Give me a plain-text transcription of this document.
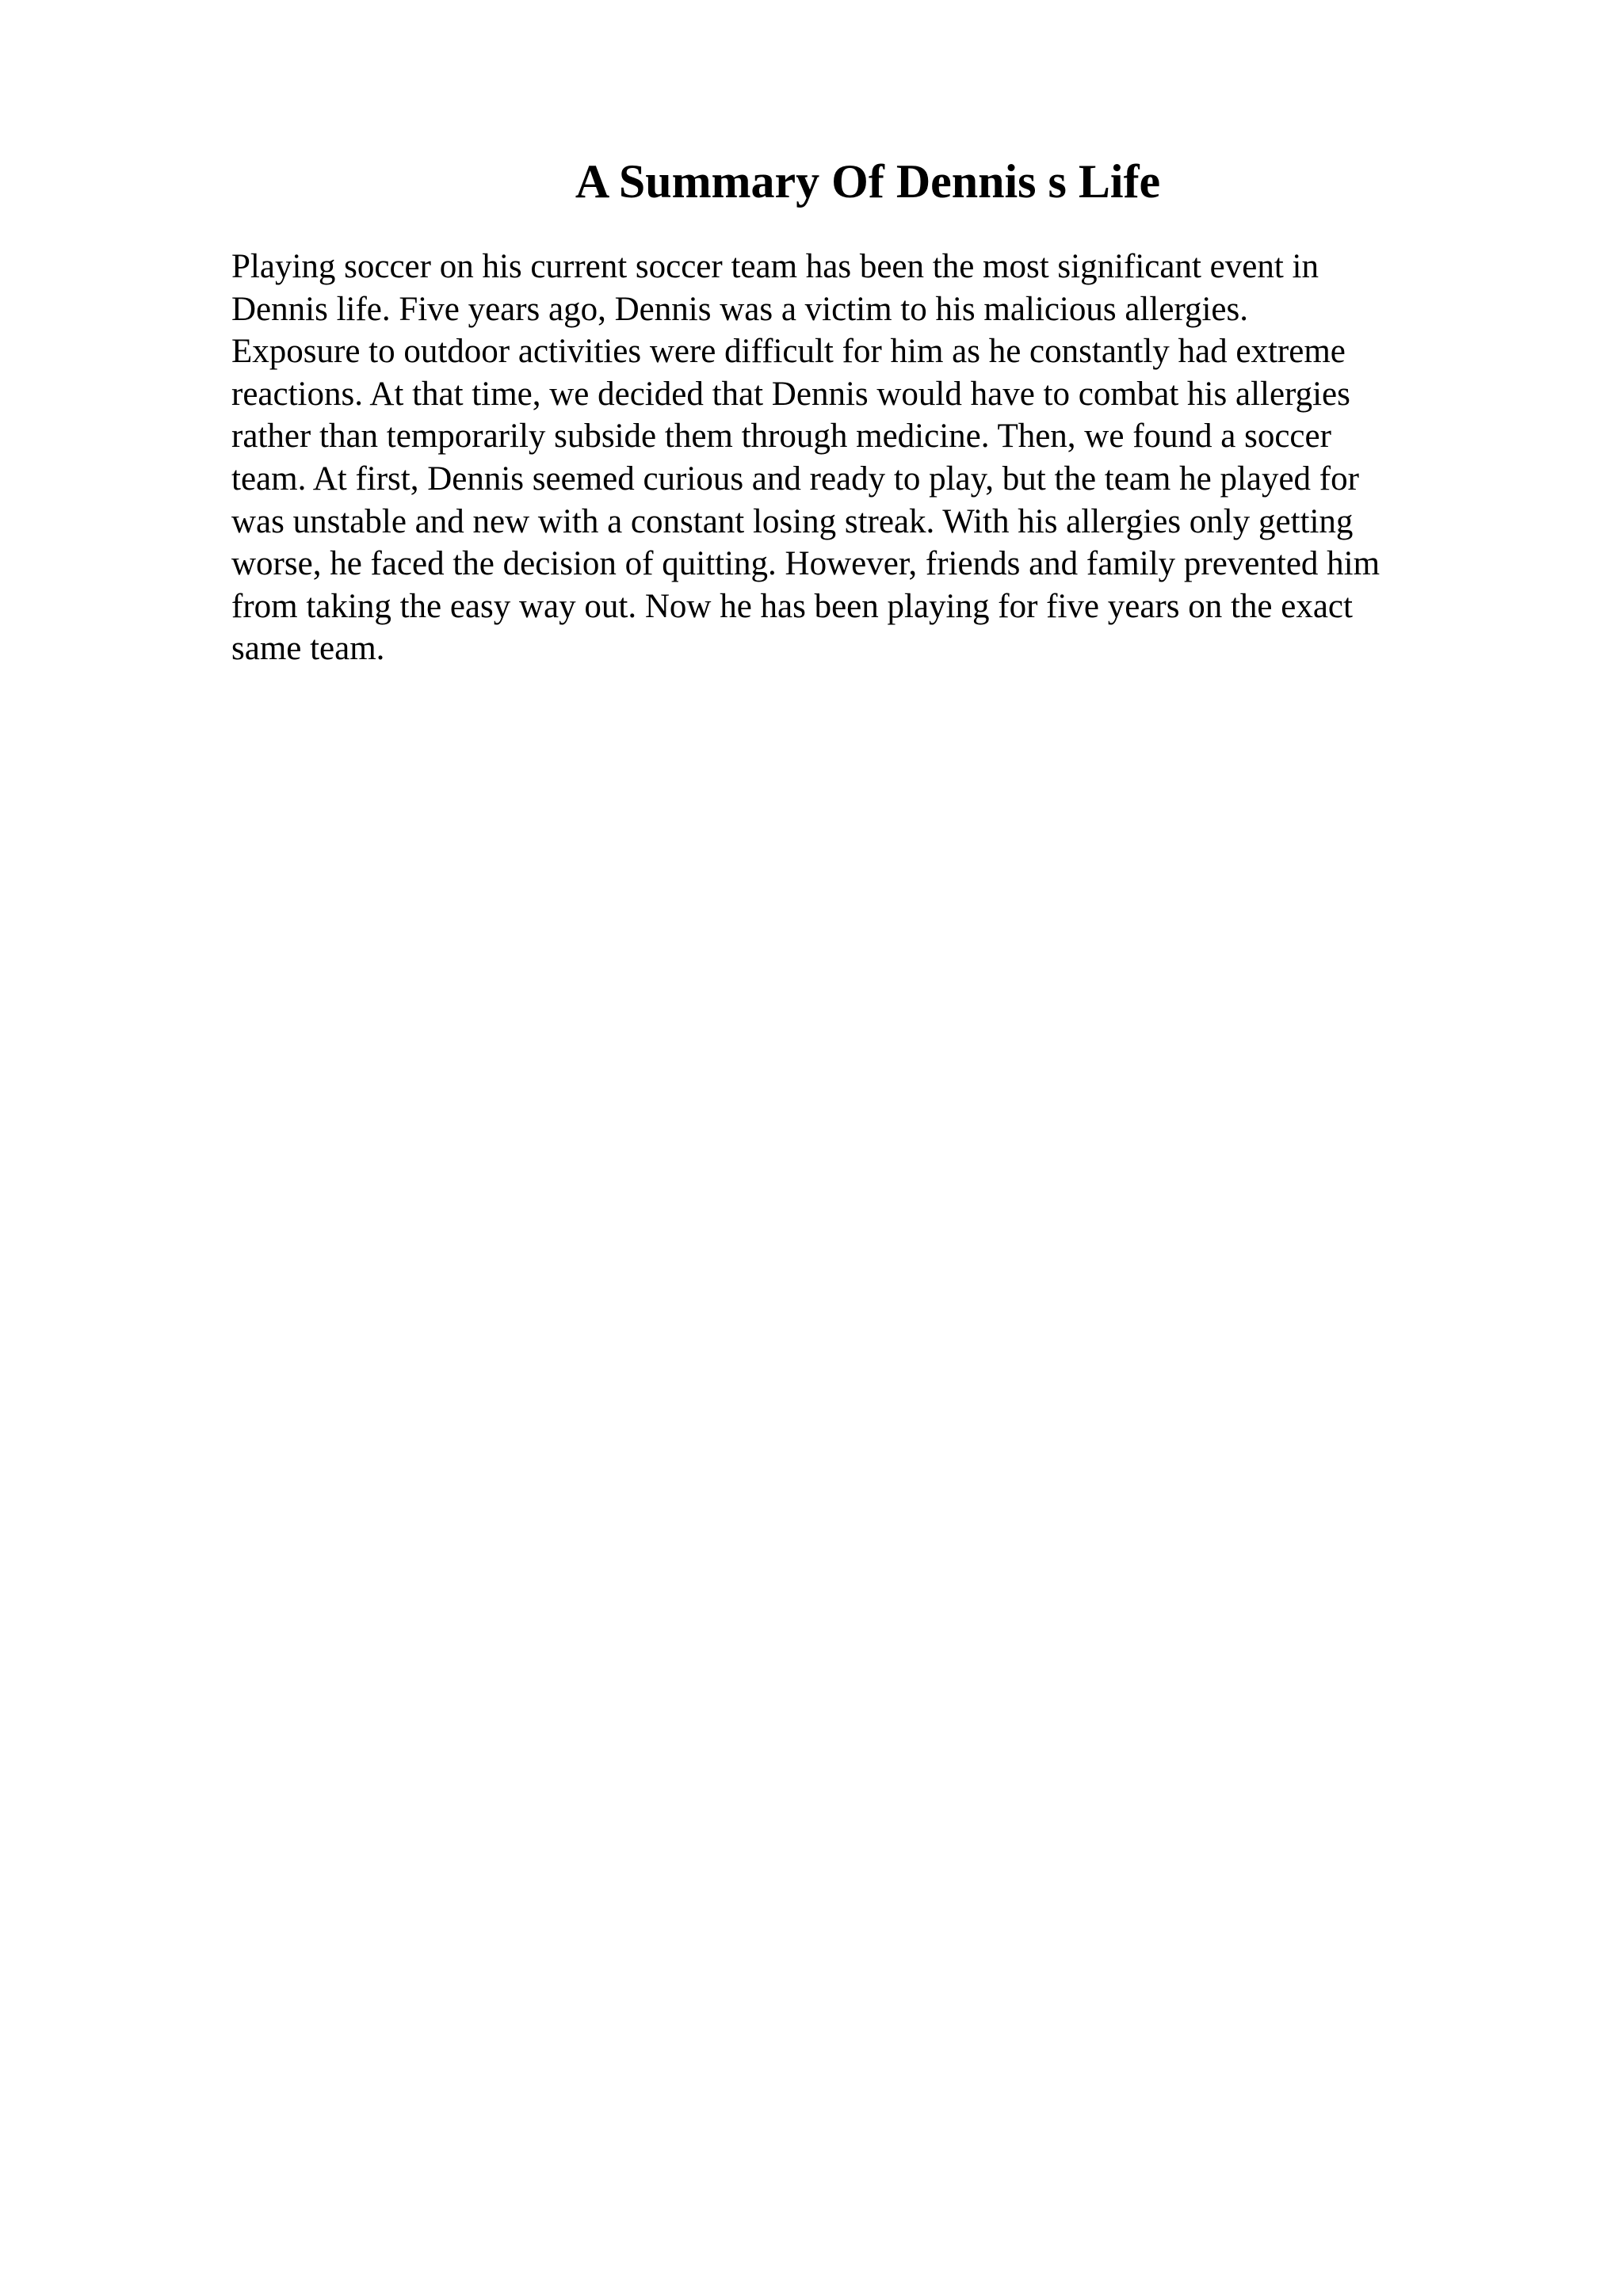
A Summary Of Dennis s Life
Playing soccer on his current soccer team has been the most significant event in
Dennis life. Five years ago, Dennis was a victim to his malicious allergies.
Exposure to outdoor activities were difficult for him as he constantly had extreme
reactions. At that time, we decided that Dennis would have to combat his allergies
rather than temporarily subside them through medicine. Then, we found a soccer
team. At first, Dennis seemed curious and ready to play, but the team he played for
was unstable and new with a constant losing streak. With his allergies only getting
worse, he faced the decision of quitting. However, friends and family prevented him
from taking the easy way out. Now he has been playing for five years on the exact
same team.
